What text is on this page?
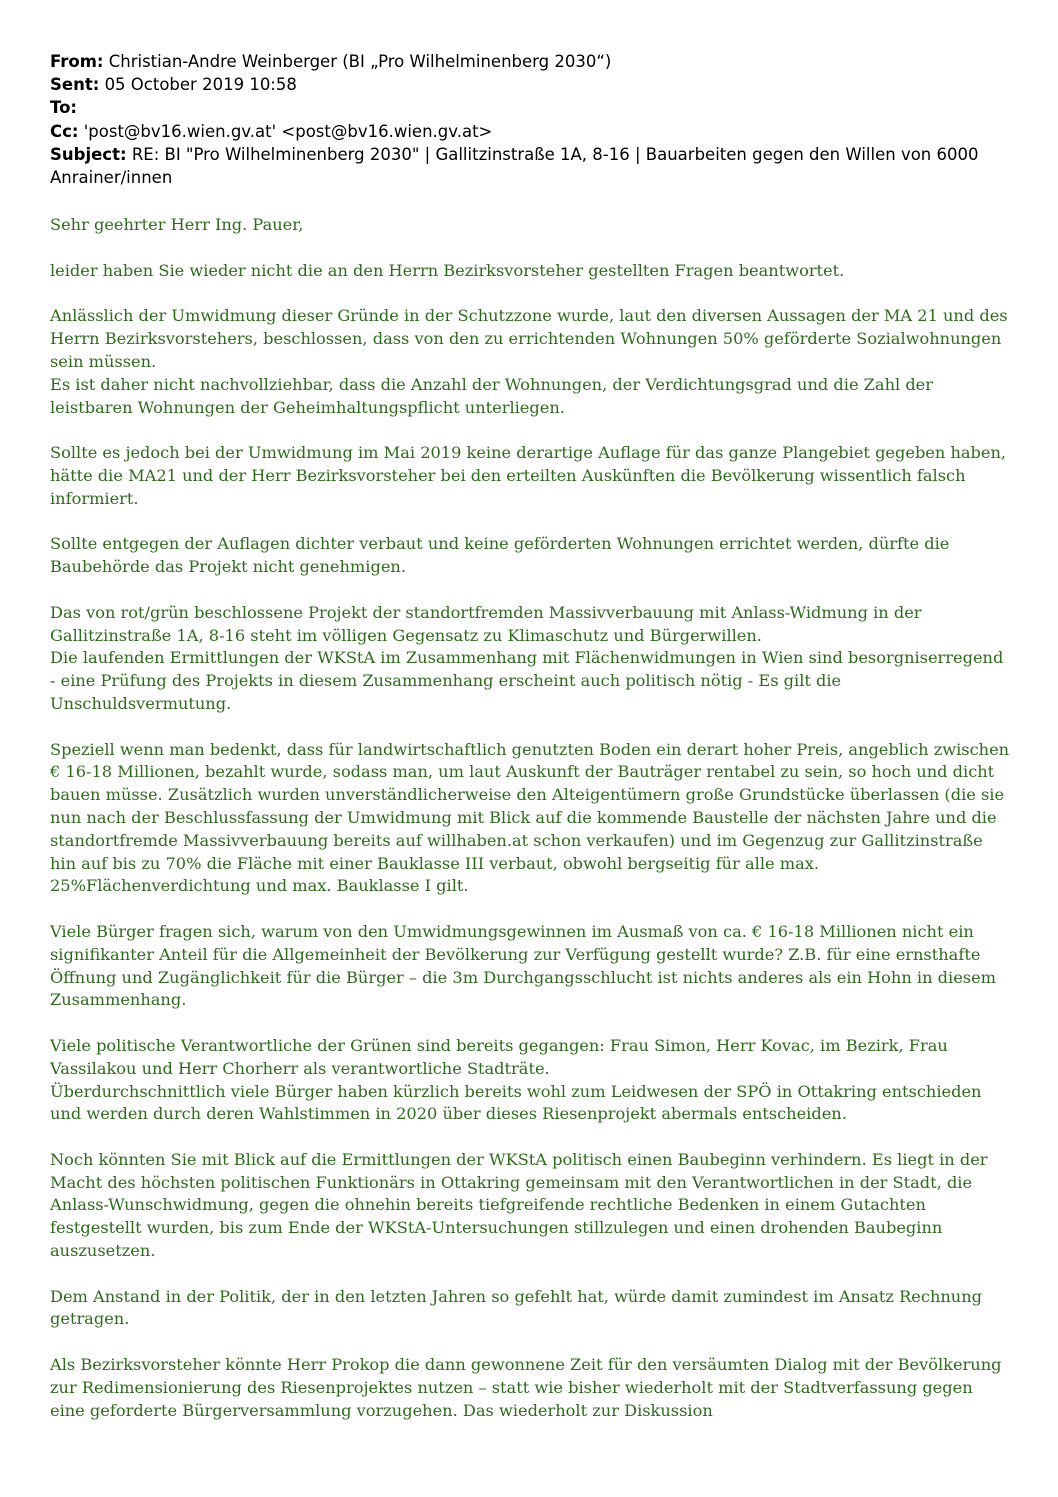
From: Christian-Andre Weinberger (BI „Pro Wilhelminenberg 2030“)
Sent: 05 October 2019 10:58
To:
Cc: 'post@bv16.wien.gv.at' <post@bv16.wien.gv.at>
Subject: RE: BI "Pro Wilhelminenberg 2030" | Gallitzinstraße 1A, 8-16 | Bauarbeiten gegen den Willen von 6000 Anrainer/innen

Sehr geehrter Herr Ing. Pauer,

leider haben Sie wieder nicht die an den Herrn Bezirksvorsteher gestellten Fragen beantwortet.

Anlässlich der Umwidmung dieser Gründe in der Schutzzone wurde, laut den diversen Aussagen der MA 21 und des Herrn Bezirksvorstehers, beschlossen, dass von den zu errichtenden Wohnungen 50% geförderte Sozialwohnungen sein müssen.
Es ist daher nicht nachvollziehbar, dass die Anzahl der Wohnungen, der Verdichtungsgrad und die Zahl der leistbaren Wohnungen der Geheimhaltungspflicht unterliegen.

Sollte es jedoch bei der Umwidmung im Mai 2019 keine derartige Auflage für das ganze Plangebiet gegeben haben, hätte die MA21 und der Herr Bezirksvorsteher bei den erteilten Auskünften die Bevölkerung wissentlich falsch informiert.

Sollte entgegen der Auflagen dichter verbaut und keine geförderten Wohnungen errichtet werden, dürfte die Baubehörde das Projekt nicht genehmigen.

Das von rot/grün beschlossene Projekt der standortfremden Massivverbauung mit Anlass-Widmung in der Gallitzinstraße 1A, 8-16 steht im völligen Gegensatz zu Klimaschutz und Bürgerwillen.
Die laufenden Ermittlungen der WKStA im Zusammenhang mit Flächenwidmungen in Wien sind besorgniserregend - eine Prüfung des Projekts in diesem Zusammenhang erscheint auch politisch nötig - Es gilt die Unschuldsvermutung.

Speziell wenn man bedenkt, dass für landwirtschaftlich genutzten Boden ein derart hoher Preis, angeblich zwischen € 16-18 Millionen, bezahlt wurde, sodass man, um laut Auskunft der Bauträger rentabel zu sein, so hoch und dicht bauen müsse. Zusätzlich wurden unverständlicherweise den Alteigentümern große Grundstücke überlassen (die sie nun nach der Beschlussfassung der Umwidmung mit Blick auf die kommende Baustelle der nächsten Jahre und die standortfremde Massivverbauung bereits auf willhaben.at schon verkaufen) und im Gegenzug zur Gallitzinstraße hin auf bis zu 70% die Fläche mit einer Bauklasse III verbaut, obwohl bergseitig für alle max. 25%Flächenverdichtung und max. Bauklasse I gilt.

Viele Bürger fragen sich, warum von den Umwidmungsgewinnen im Ausmaß von ca. € 16-18 Millionen nicht ein signifikanter Anteil für die Allgemeinheit der Bevölkerung zur Verfügung gestellt wurde? Z.B. für eine ernsthafte Öffnung und Zugänglichkeit für die Bürger – die 3m Durchgangsschlucht ist nichts anderes als ein Hohn in diesem Zusammenhang.

Viele politische Verantwortliche der Grünen sind bereits gegangen: Frau Simon, Herr Kovac, im Bezirk, Frau Vassilakou und Herr Chorherr als verantwortliche Stadträte.
Überdurchschnittlich viele Bürger haben kürzlich bereits wohl zum Leidwesen der SPÖ in Ottakring entschieden und werden durch deren Wahlstimmen in 2020 über dieses Riesenprojekt abermals entscheiden.

Noch könnten Sie mit Blick auf die Ermittlungen der WKStA politisch einen Baubeginn verhindern. Es liegt in der Macht des höchsten politischen Funktionärs in Ottakring gemeinsam mit den Verantwortlichen in der Stadt, die Anlass-Wunschwidmung, gegen die ohnehin bereits tiefgreifende rechtliche Bedenken in einem Gutachten festgestellt wurden, bis zum Ende der WKStA-Untersuchungen stillzulegen und einen drohenden Baubeginn auszusetzen.

Dem Anstand in der Politik, der in den letzten Jahren so gefehlt hat, würde damit zumindest im Ansatz Rechnung getragen.

Als Bezirksvorsteher könnte Herr Prokop die dann gewonnene Zeit für den versäumten Dialog mit der Bevölkerung zur Redimensionierung des Riesenprojektes nutzen – statt wie bisher wiederholt mit der Stadtverfassung gegen eine geforderte Bürgerversammlung vorzugehen. Das wiederholt zur Diskussion
